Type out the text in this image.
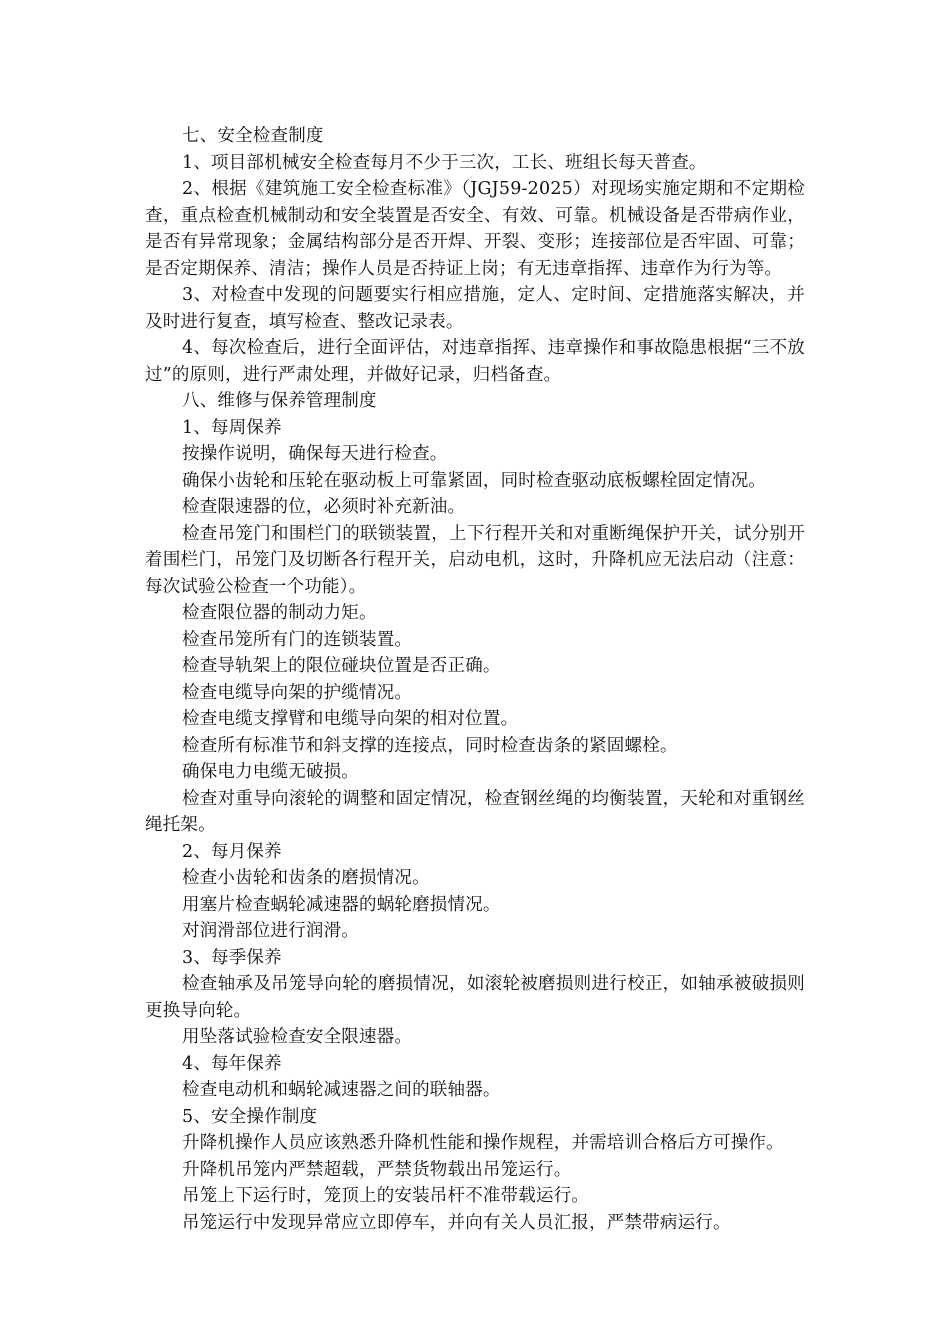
七、安全检查制度

1、项目部机械安全检查每月不少于三次，工长、班组长每天普查。

2、根据《建筑施工安全检查标准》（JGJ59-2025）对现场实施定期和不定期检查，重点检查机械制动和安全装置是否安全、有效、可靠。机械设备是否带病作业，是否有异常现象；金属结构部分是否开焊、开裂、变形；连接部位是否牢固、可靠；是否定期保养、清洁；操作人员是否持证上岗；有无违章指挥、违章作为行为等。

3、对检查中发现的问题要实行相应措施，定人、定时间、定措施落实解决，并及时进行复查，填写检查、整改记录表。

4、每次检查后，进行全面评估，对违章指挥、违章操作和事故隐患根据“三不放过”的原则，进行严肃处理，并做好记录，归档备查。

八、维修与保养管理制度

1、每周保养

按操作说明，确保每天进行检查。

确保小齿轮和压轮在驱动板上可靠紧固，同时检查驱动底板螺栓固定情况。

检查限速器的位，必须时补充新油。

检查吊笼门和围栏门的联锁装置，上下行程开关和对重断绳保护开关，试分别开着围栏门，吊笼门及切断各行程开关，启动电机，这时，升降机应无法启动（注意：每次试验公检查一个功能）。

检查限位器的制动力矩。

检查吊笼所有门的连锁装置。

检查导轨架上的限位碰块位置是否正确。

检查电缆导向架的护缆情况。

检查电缆支撑臂和电缆导向架的相对位置。

检查所有标准节和斜支撑的连接点，同时检查齿条的紧固螺栓。

确保电力电缆无破损。

检查对重导向滚轮的调整和固定情况，检查钢丝绳的均衡装置，天轮和对重钢丝绳托架。

2、每月保养

检查小齿轮和齿条的磨损情况。

用塞片检查蜗轮减速器的蜗轮磨损情况。

对润滑部位进行润滑。

3、每季保养

检查轴承及吊笼导向轮的磨损情况，如滚轮被磨损则进行校正，如轴承被破损则更换导向轮。

用坠落试验检查安全限速器。

4、每年保养

检查电动机和蜗轮减速器之间的联轴器。

5、安全操作制度

升降机操作人员应该熟悉升降机性能和操作规程，并需培训合格后方可操作。

升降机吊笼内严禁超载，严禁货物载出吊笼运行。

吊笼上下运行时，笼顶上的安装吊杆不准带载运行。

吊笼运行中发现异常应立即停车，并向有关人员汇报，严禁带病运行。
